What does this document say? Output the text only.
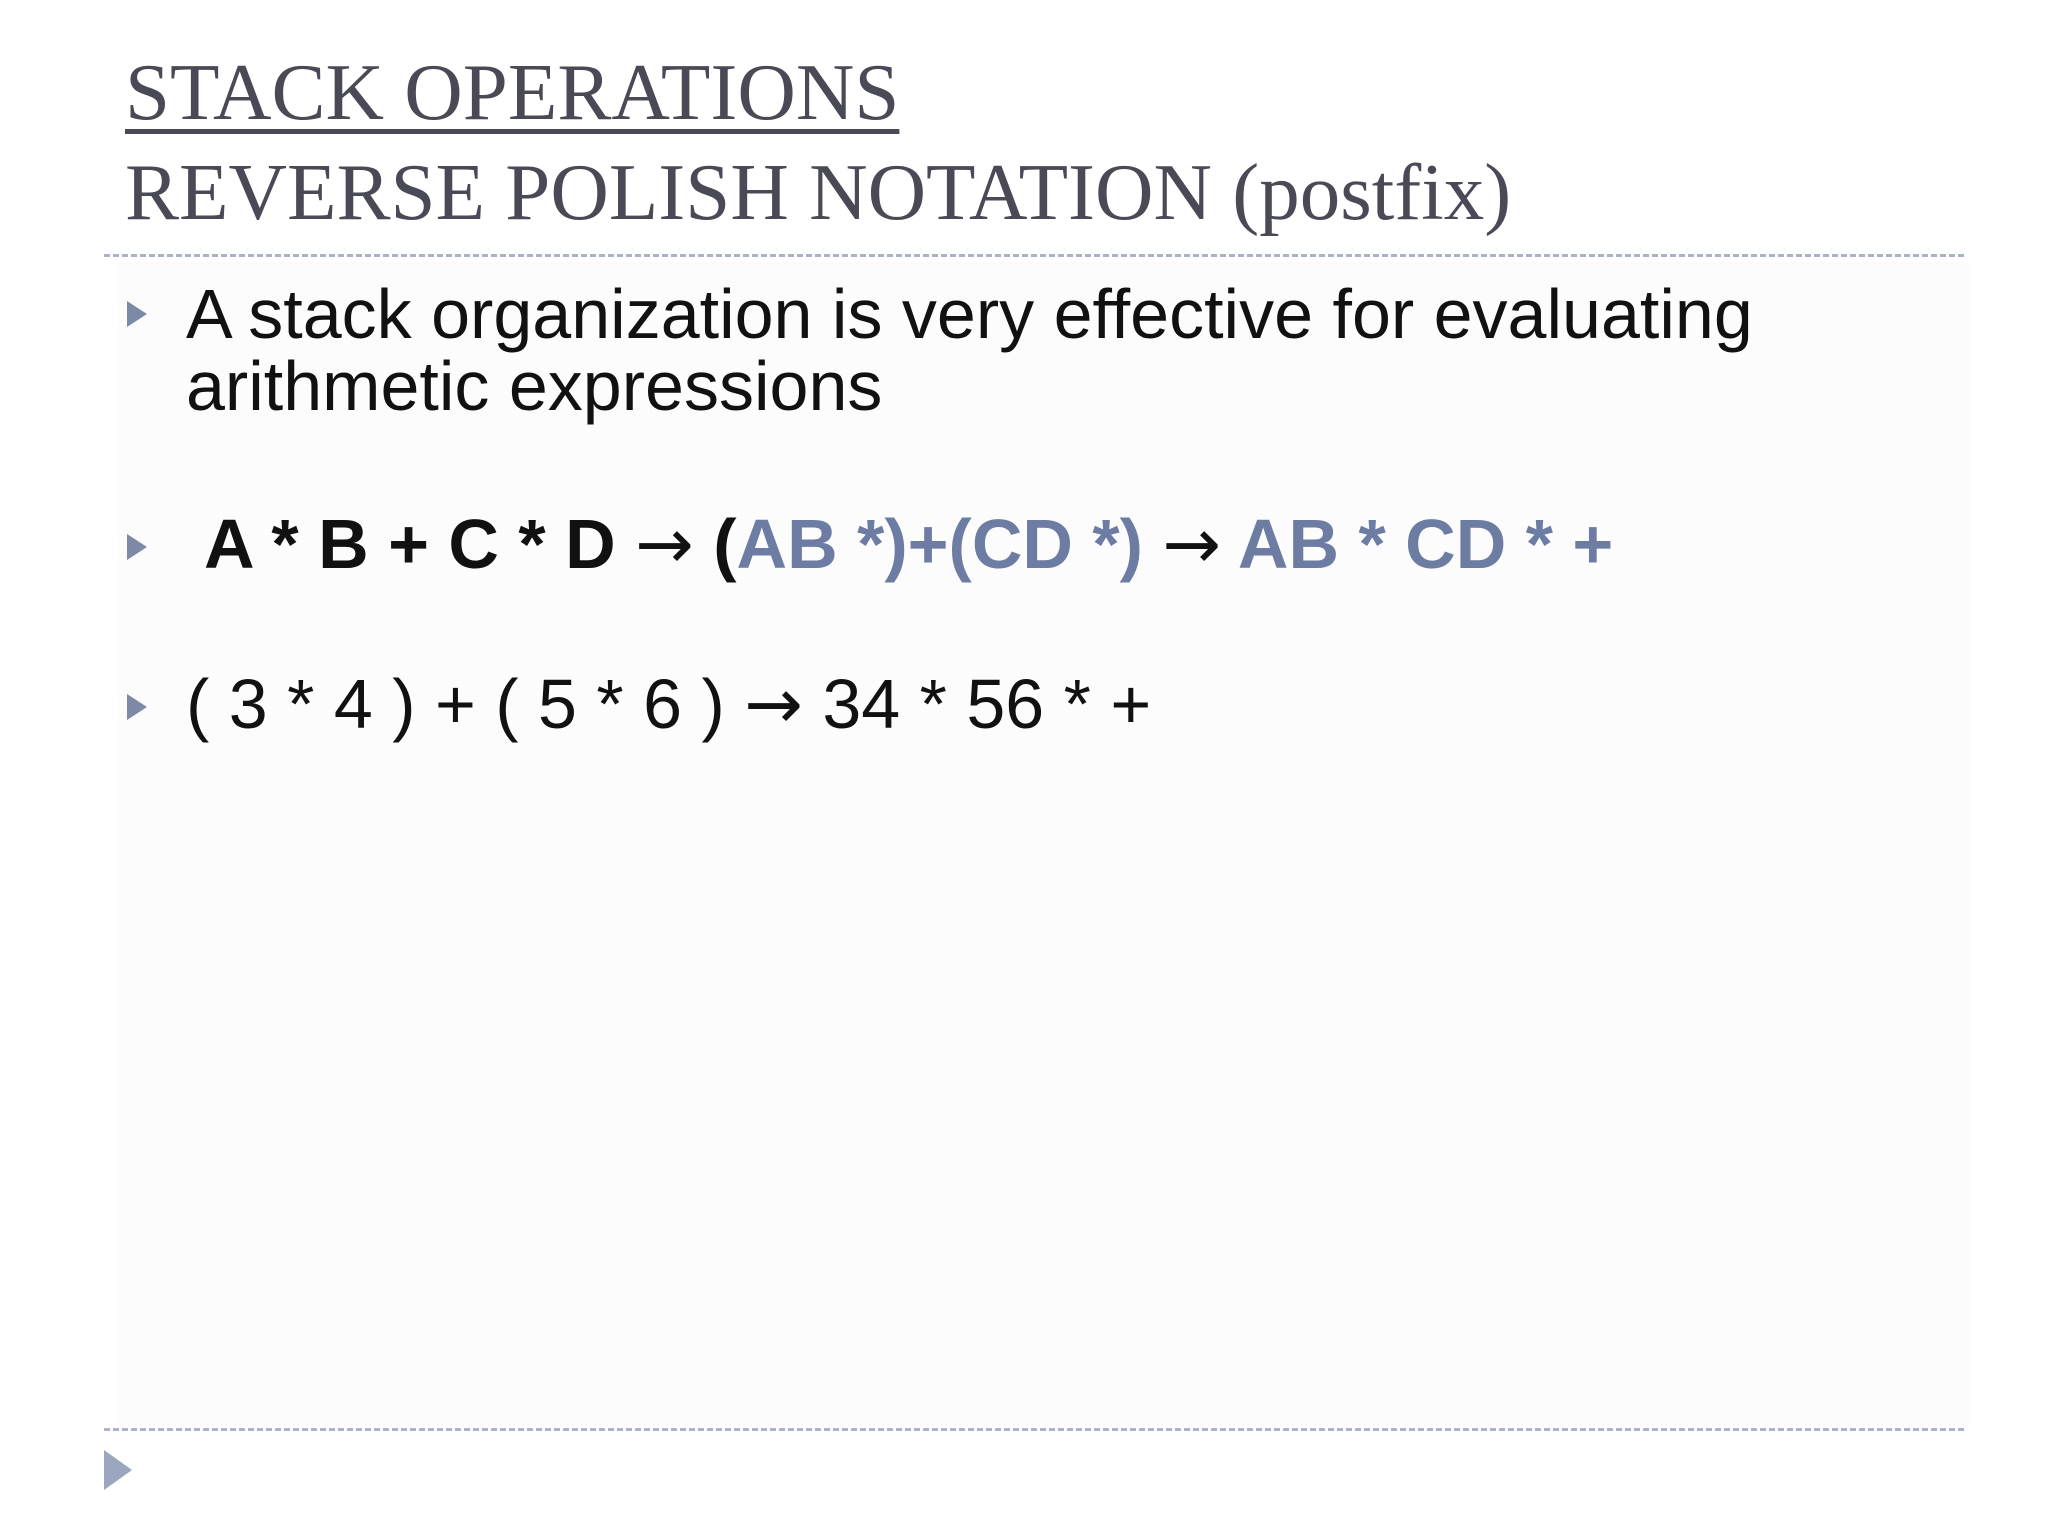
STACK OPERATIONS
REVERSE POLISH NOTATION (postfix)

A stack organization is very effective for evaluating arithmetic expressions

A * B + C * D → (AB *)+(CD *) → AB * CD * +

( 3 * 4 ) + ( 5 * 6 ) → 34 * 56 * +
